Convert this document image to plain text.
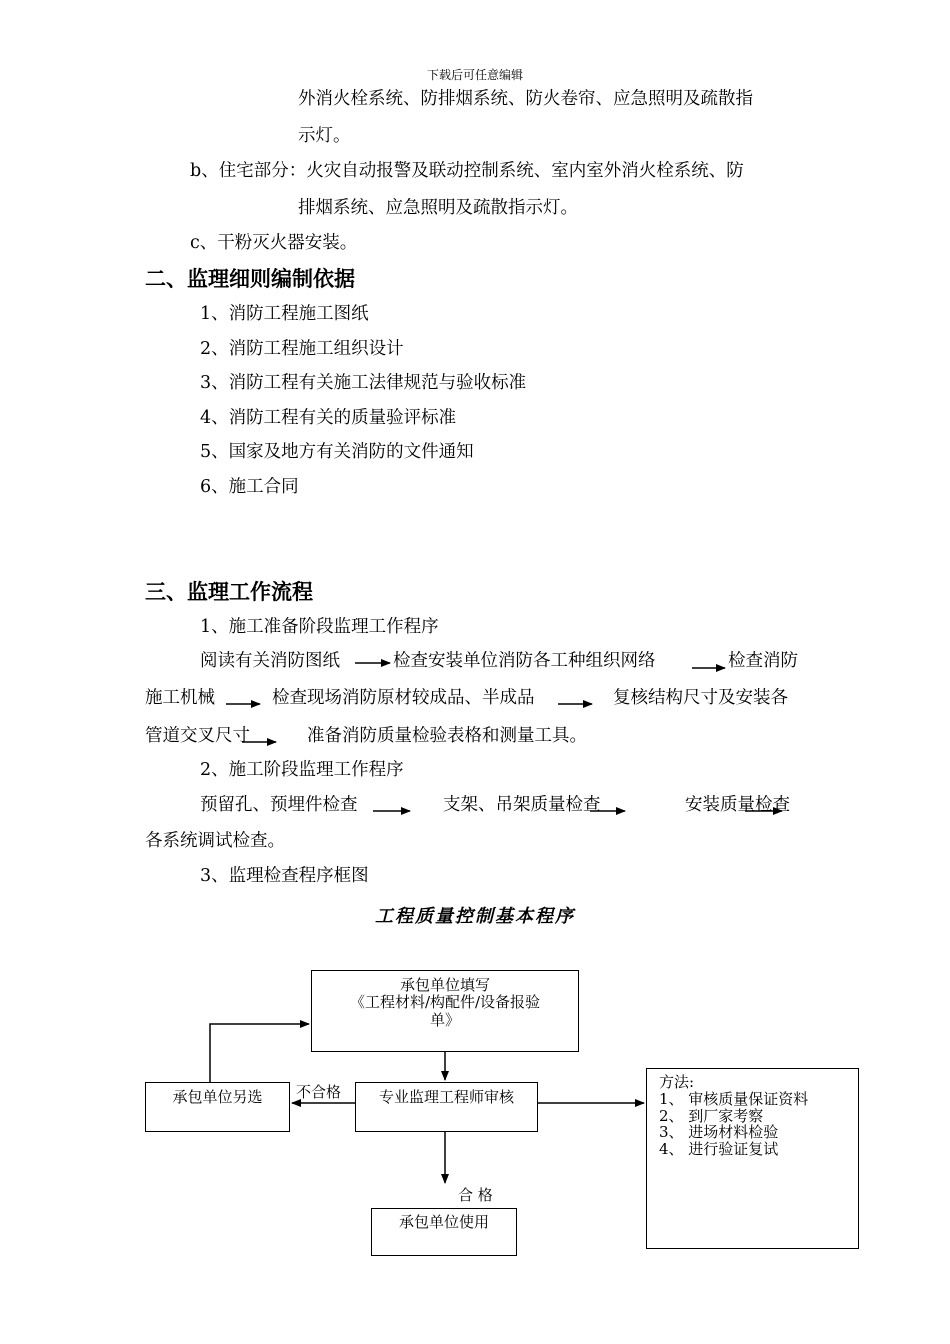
下载后可任意编辑
外消火栓系统、防排烟系统、防火卷帘、应急照明及疏散指
示灯。
b、住宅部分：火灾自动报警及联动控制系统、室内室外消火栓系统、防
排烟系统、应急照明及疏散指示灯。
c、干粉灭火器安装。
二、监理细则编制依据
1、消防工程施工图纸
2、消防工程施工组织设计
3、消防工程有关施工法律规范与验收标准
4、消防工程有关的质量验评标准
5、国家及地方有关消防的文件通知
6、施工合同
三、监理工作流程
1、施工准备阶段监理工作程序
阅读有关消防图纸	检查安装单位消防各工种组织网络	检查消防
施工机械	检查现场消防原材较成品、半成品	复核结构尺寸及安装各
管道交叉尺寸	准备消防质量检验表格和测量工具。
2、施工阶段监理工作程序
预留孔、预埋件检查	支架、吊架质量检查	安装质量检查
各系统调试检查。
3、监理检查程序框图
工程质量控制基本程序
承包单位填写
《工程材料/构配件/设备报验
单》
承包单位另选	专业监理工程师审核
方法:
1、 审核质量保证资料
2、 到厂家考察
3、 进场材料检验
4、 进行验证复试
承包单位使用
不合格
合 格
